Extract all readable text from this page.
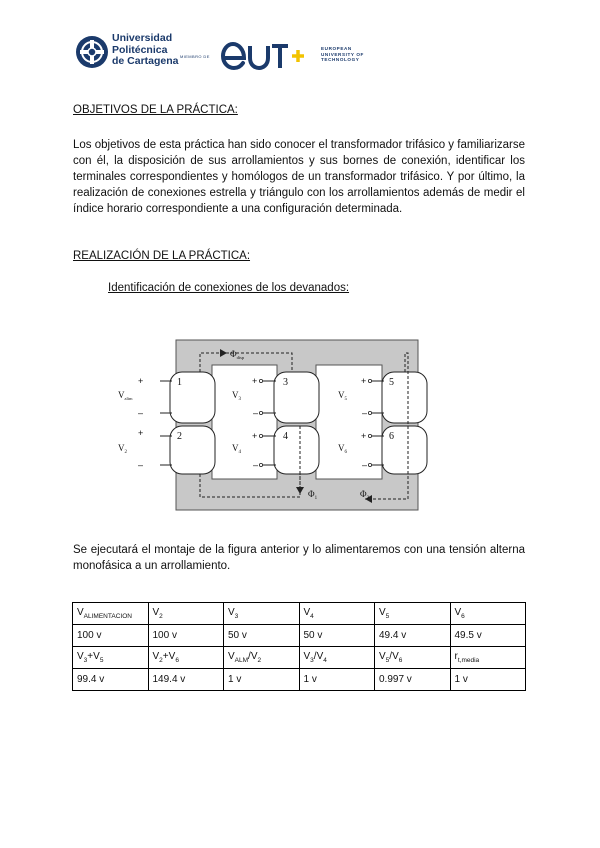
Universidad
Politécnica
de Cartagena MIEMBRO DE
EUROPEAN
UNIVERSITY OF
TECHNOLOGY
OBJETIVOS DE LA PRÁCTICA:
Los objetivos de esta práctica han sido conocer el transformador trifásico y familiarizarse con él, la disposición de sus arrollamientos y sus bornes de conexión, identificar los terminales correspondientes y homólogos de un transformador trifásico. Y por último, la realización de conexiones estrella y triángulo con los arrollamientos además de medir el índice horario correspondiente a una configuración determinada.
REALIZACIÓN DE LA PRÁCTICA:
Identificación de conexiones de los devanados:
1
2
3
4
5
6
+
–
+
–
+
–
+
–
+
–
+
–
$V_{alim}$
$V_2$
$V_3$
$V_4$
$V_5$
$V_6$
$\Phi_{disp}$
$\Phi_1$	$\Phi_2$
Se ejecutará el montaje de la figura anterior y lo alimentaremos con una tensión alterna monofásica a un arrollamiento.
$V_{ALIMENTACION}$	$V_2$	$V_3$	$V_4$	$V_5$	$V_6$
100 v	100 v	50 v	50 v	49.4 v	49.5 v
$V_3+V_5$	$V_2+V_6$	$V_{ALM}/V_2$	$V_3/V_4$	$V_5/V_6$	$r_{t,media}$
99.4 v	149.4 v	1 v	1 v	0.997 v	1 v
